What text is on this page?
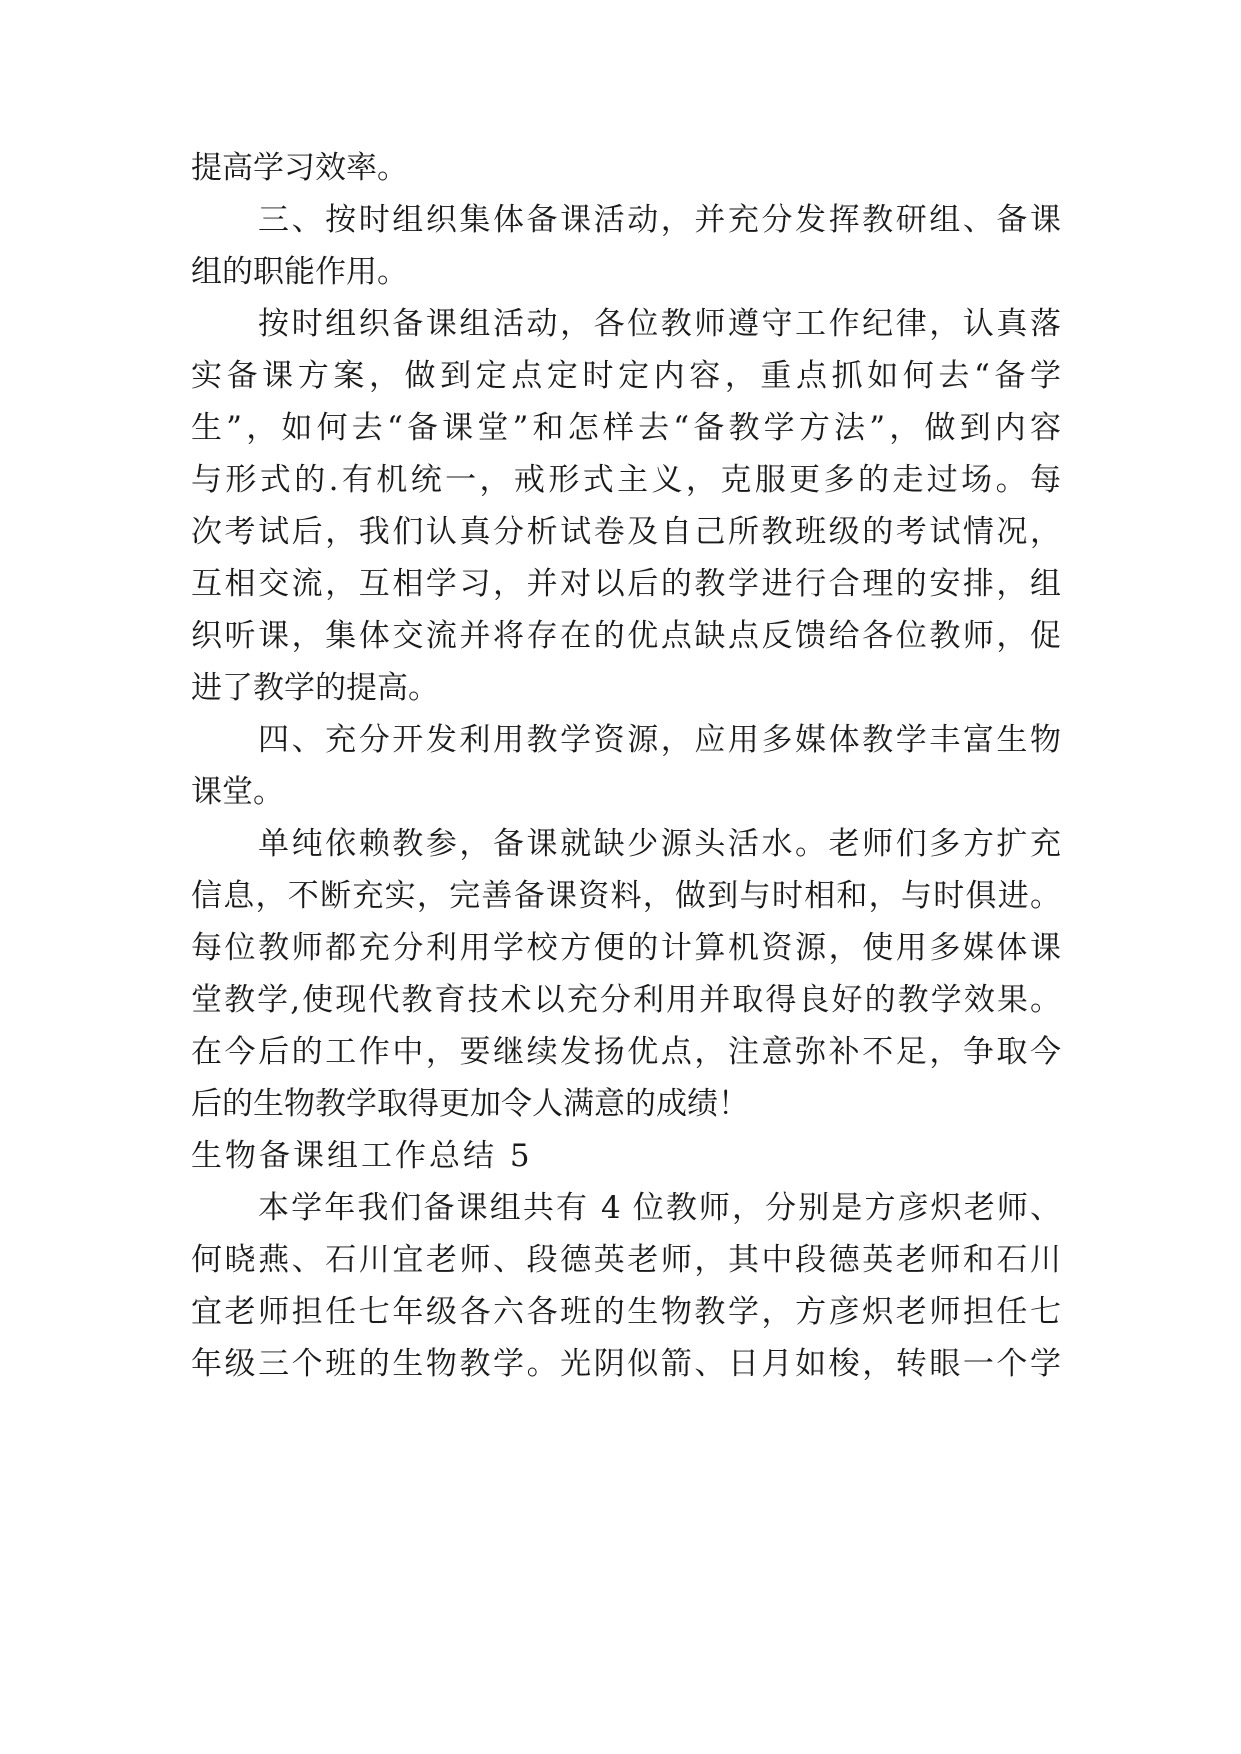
提高学习效率。
三、按时组织集体备课活动，并充分发挥教研组、备课
组的职能作用。
按时组织备课组活动，各位教师遵守工作纪律，认真落
实备课方案，做到定点定时定内容，重点抓如何去“备学
生”，如何去“备课堂”和怎样去“备教学方法”，做到内容
与形式的.有机统一，戒形式主义，克服更多的走过场。每
次考试后，我们认真分析试卷及自己所教班级的考试情况，
互相交流，互相学习，并对以后的教学进行合理的安排，组
织听课，集体交流并将存在的优点缺点反馈给各位教师，促
进了教学的提高。
四、充分开发利用教学资源，应用多媒体教学丰富生物
课堂。
单纯依赖教参，备课就缺少源头活水。老师们多方扩充
信息，不断充实，完善备课资料，做到与时相和，与时俱进。
每位教师都充分利用学校方便的计算机资源，使用多媒体课
堂教学,使现代教育技术以充分利用并取得良好的教学效果。
在今后的工作中，要继续发扬优点，注意弥补不足，争取今
后的生物教学取得更加令人满意的成绩！
生物备课组工作总结 5
本学年我们备课组共有 4 位教师，分别是方彦炽老师、
何晓燕、石川宜老师、段德英老师，其中段德英老师和石川
宜老师担任七年级各六各班的生物教学，方彦炽老师担任七
年级三个班的生物教学。光阴似箭、日月如梭，转眼一个学
